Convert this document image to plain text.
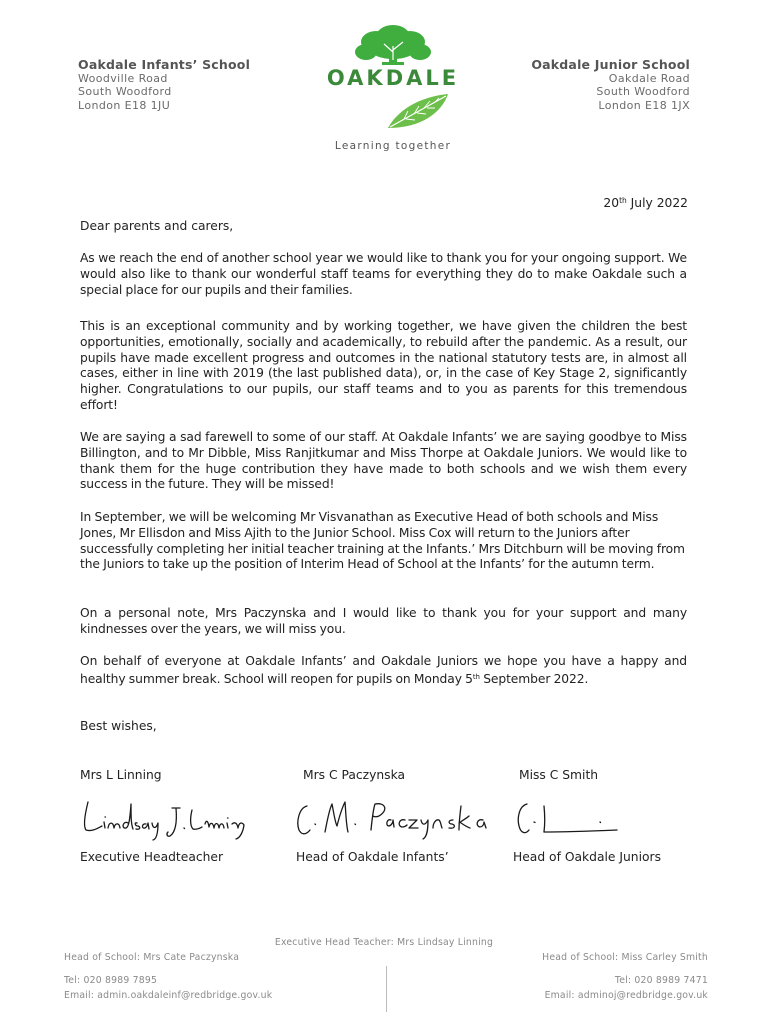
Oakdale Infants’ School
Woodville Road
South Woodford
London E18 1JU
Oakdale Junior School
Oakdale Road
South Woodford
London E18 1JX
OAKDALE
Learning together
20th July 2022
Dear parents and carers,
As we reach the end of another school year we would like to thank you for your ongoing support. We would also like to thank our wonderful staff teams for everything they do to make Oakdale such a special place for our pupils and their families.
This is an exceptional community and by working together, we have given the children the best opportunities, emotionally, socially and academically, to rebuild after the pandemic. As a result, our pupils have made excellent progress and outcomes in the national statutory tests are, in almost all cases, either in line with 2019 (the last published data), or, in the case of Key Stage 2, significantly higher. Congratulations to our pupils, our staff teams and to you as parents for this tremendous effort!
We are saying a sad farewell to some of our staff. At Oakdale Infants’ we are saying goodbye to Miss Billington, and to Mr Dibble, Miss Ranjitkumar and Miss Thorpe at Oakdale Juniors. We would like to thank them for the huge contribution they have made to both schools and we wish them every success in the future. They will be missed!
In September, we will be welcoming Mr Visvanathan as Executive Head of both schools and Miss Jones, Mr Ellisdon and Miss Ajith to the Junior School. Miss Cox will return to the Juniors after successfully completing her initial teacher training at the Infants.’ Mrs Ditchburn will be moving from the Juniors to take up the position of Interim Head of School at the Infants’ for the autumn term.
On a personal note, Mrs Paczynska and I would like to thank you for your support and many kindnesses over the years, we will miss you.
On behalf of everyone at Oakdale Infants’ and Oakdale Juniors we hope you have a happy and healthy summer break. School will reopen for pupils on Monday 5th September 2022.
Best wishes,
Mrs L Linning	Mrs C Paczynska	Miss C Smith
Executive Headteacher	Head of Oakdale Infants’	Head of Oakdale Juniors
Executive Head Teacher: Mrs Lindsay Linning
Head of School: Mrs Cate Paczynska	Head of School: Miss Carley Smith
Tel: 020 8989 7895	Tel: 020 8989 7471
Email: admin.oakdaleinf@redbridge.gov.uk	Email: adminoj@redbridge.gov.uk
